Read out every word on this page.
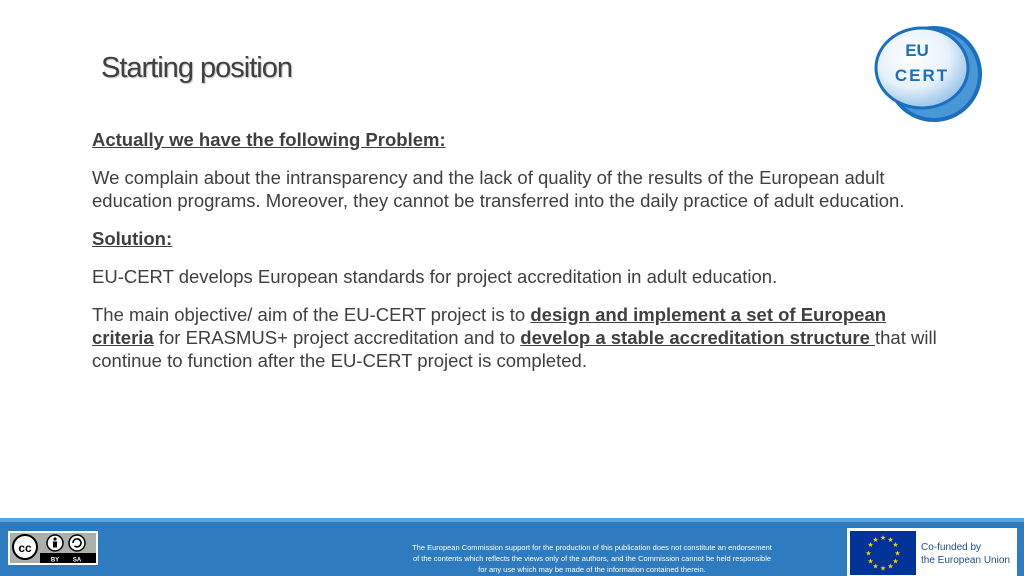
Starting position
EU
CERT

Actually we have the following Problem:

We complain about the intransparency and the lack of quality of the results of the European adult education programs. Moreover, they cannot be transferred into the daily practice of adult education.

Solution:

EU-CERT develops European standards for project accreditation in adult education.

The main objective/ aim of the EU-CERT project is to design and implement a set of European criteria for ERASMUS+ project accreditation and to develop a stable accreditation structure that will continue to function after the EU-CERT project is completed.

cc
BY SA
The European Commission support for the production of this publication does not constitute an endorsement
of the contents which reflects the views only of the authors, and the Commission cannot be held responsible
for any use which may be made of the information contained therein.
★ ★
★
★
★
★
★
★
★
★
★
★
Co-funded by
the European Union
